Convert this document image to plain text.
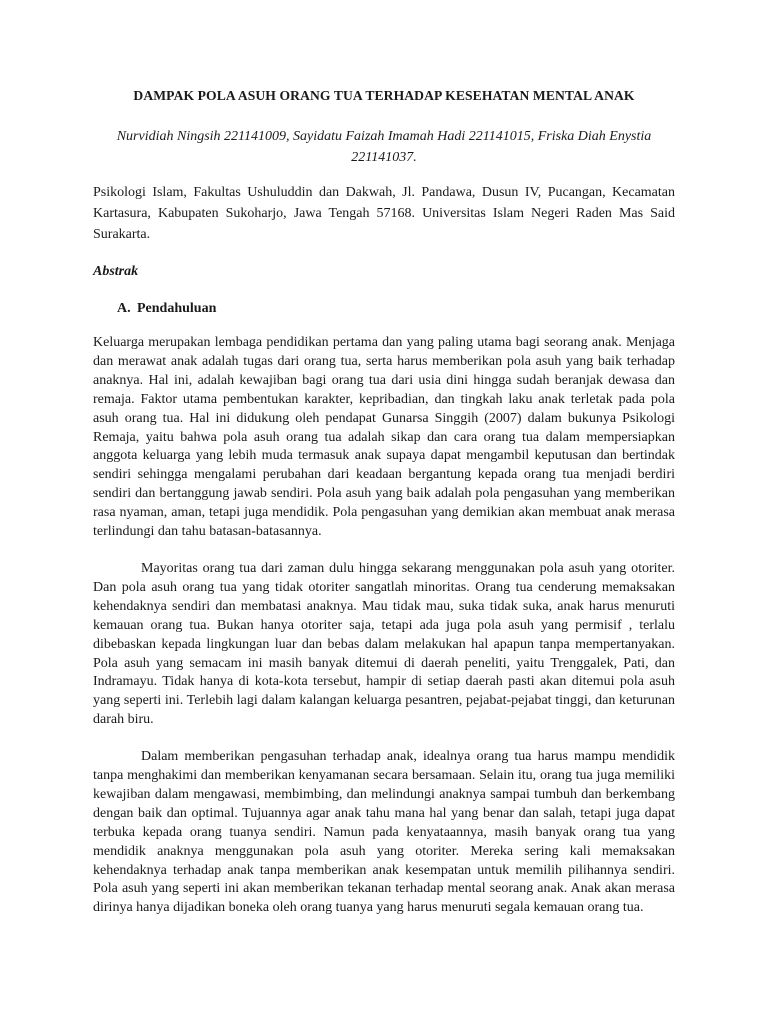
DAMPAK POLA ASUH ORANG TUA TERHADAP KESEHATAN MENTAL ANAK

Nurvidiah Ningsih 221141009, Sayidatu Faizah Imamah Hadi 221141015, Friska Diah Enystia 221141037.

Psikologi Islam, Fakultas Ushuluddin dan Dakwah, Jl. Pandawa, Dusun IV, Pucangan, Kecamatan Kartasura, Kabupaten Sukoharjo, Jawa Tengah 57168. Universitas Islam Negeri Raden Mas Said Surakarta.

Abstrak
A. Pendahuluan

Keluarga merupakan lembaga pendidikan pertama dan yang paling utama bagi seorang anak. Menjaga dan merawat anak adalah tugas dari orang tua, serta harus memberikan pola asuh yang baik terhadap anaknya. Hal ini, adalah kewajiban bagi orang tua dari usia dini hingga sudah beranjak dewasa dan remaja. Faktor utama pembentukan karakter, kepribadian, dan tingkah laku anak terletak pada pola asuh orang tua. Hal ini didukung oleh pendapat Gunarsa Singgih (2007) dalam bukunya Psikologi Remaja, yaitu bahwa pola asuh orang tua adalah sikap dan cara orang tua dalam mempersiapkan anggota keluarga yang lebih muda termasuk anak supaya dapat mengambil keputusan dan bertindak sendiri sehingga mengalami perubahan dari keadaan bergantung kepada orang tua menjadi berdiri sendiri dan bertanggung jawab sendiri. Pola asuh yang baik adalah pola pengasuhan yang memberikan rasa nyaman, aman, tetapi juga mendidik. Pola pengasuhan yang demikian akan membuat anak merasa terlindungi dan tahu batasan-batasannya.

Mayoritas orang tua dari zaman dulu hingga sekarang menggunakan pola asuh yang otoriter. Dan pola asuh orang tua yang tidak otoriter sangatlah minoritas. Orang tua cenderung memaksakan kehendaknya sendiri dan membatasi anaknya. Mau tidak mau, suka tidak suka, anak harus menuruti kemauan orang tua. Bukan hanya otoriter saja, tetapi ada juga pola asuh yang permisif , terlalu dibebaskan kepada lingkungan luar dan bebas dalam melakukan hal apapun tanpa mempertanyakan. Pola asuh yang semacam ini masih banyak ditemui di daerah peneliti, yaitu Trenggalek, Pati, dan Indramayu. Tidak hanya di kota-kota tersebut, hampir di setiap daerah pasti akan ditemui pola asuh yang seperti ini. Terlebih lagi dalam kalangan keluarga pesantren, pejabat-pejabat tinggi, dan keturunan darah biru.

Dalam memberikan pengasuhan terhadap anak, idealnya orang tua harus mampu mendidik tanpa menghakimi dan memberikan kenyamanan secara bersamaan. Selain itu, orang tua juga memiliki kewajiban dalam mengawasi, membimbing, dan melindungi anaknya sampai tumbuh dan berkembang dengan baik dan optimal. Tujuannya agar anak tahu mana hal yang benar dan salah, tetapi juga dapat terbuka kepada orang tuanya sendiri. Namun pada kenyataannya, masih banyak orang tua yang mendidik anaknya menggunakan pola asuh yang otoriter. Mereka sering kali memaksakan kehendaknya terhadap anak tanpa memberikan anak kesempatan untuk memilih pilihannya sendiri. Pola asuh yang seperti ini akan memberikan tekanan terhadap mental seorang anak. Anak akan merasa dirinya hanya dijadikan boneka oleh orang tuanya yang harus menuruti segala kemauan orang tua.
